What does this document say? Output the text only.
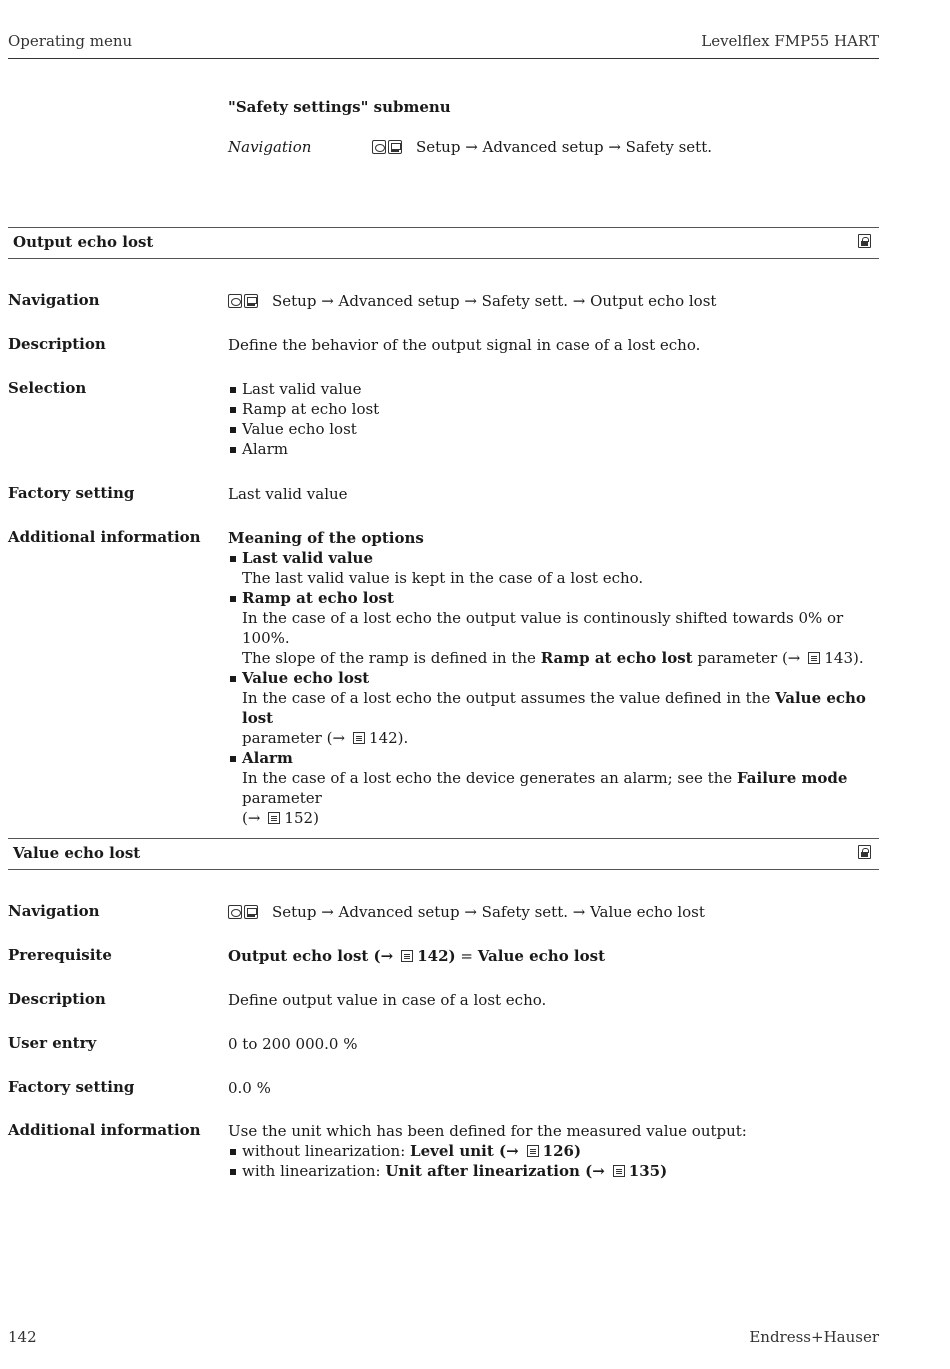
Operating menu	Levelflex FMP55 HART
"Safety settings" submenu
Navigation	Setup → Advanced setup → Safety sett.
Output echo lost
Navigation	Setup → Advanced setup → Safety sett. → Output echo lost
Description	Define the behavior of the output signal in case of a lost echo.
Selection	Last valid value
Ramp at echo lost
Value echo lost
Alarm
Factory setting	Last valid value
Additional information Meaning of the options
Last valid value
The last valid value is kept in the case of a lost echo.
Ramp at echo lost
In the case of a lost echo the output value is continously shifted towards 0% or 100%.
The slope of the ramp is defined in the Ramp at echo lost parameter (→ 143).
Value echo lost
In the case of a lost echo the output assumes the value defined in the Value echo lost
parameter (→ 142).
Alarm
In the case of a lost echo the device generates an alarm; see the Failure mode parameter
(→ 152)
Value echo lost
Navigation	Setup → Advanced setup → Safety sett. → Value echo lost
Prerequisite	Output echo lost (→ 142) = Value echo lost
Description	Define output value in case of a lost echo.
User entry	0 to 200 000.0 %
Factory setting	0.0 %
Additional information Use the unit which has been defined for the measured value output:
without linearization: Level unit (→ 126)
with linearization: Unit after linearization (→ 135)
142	Endress+Hauser
